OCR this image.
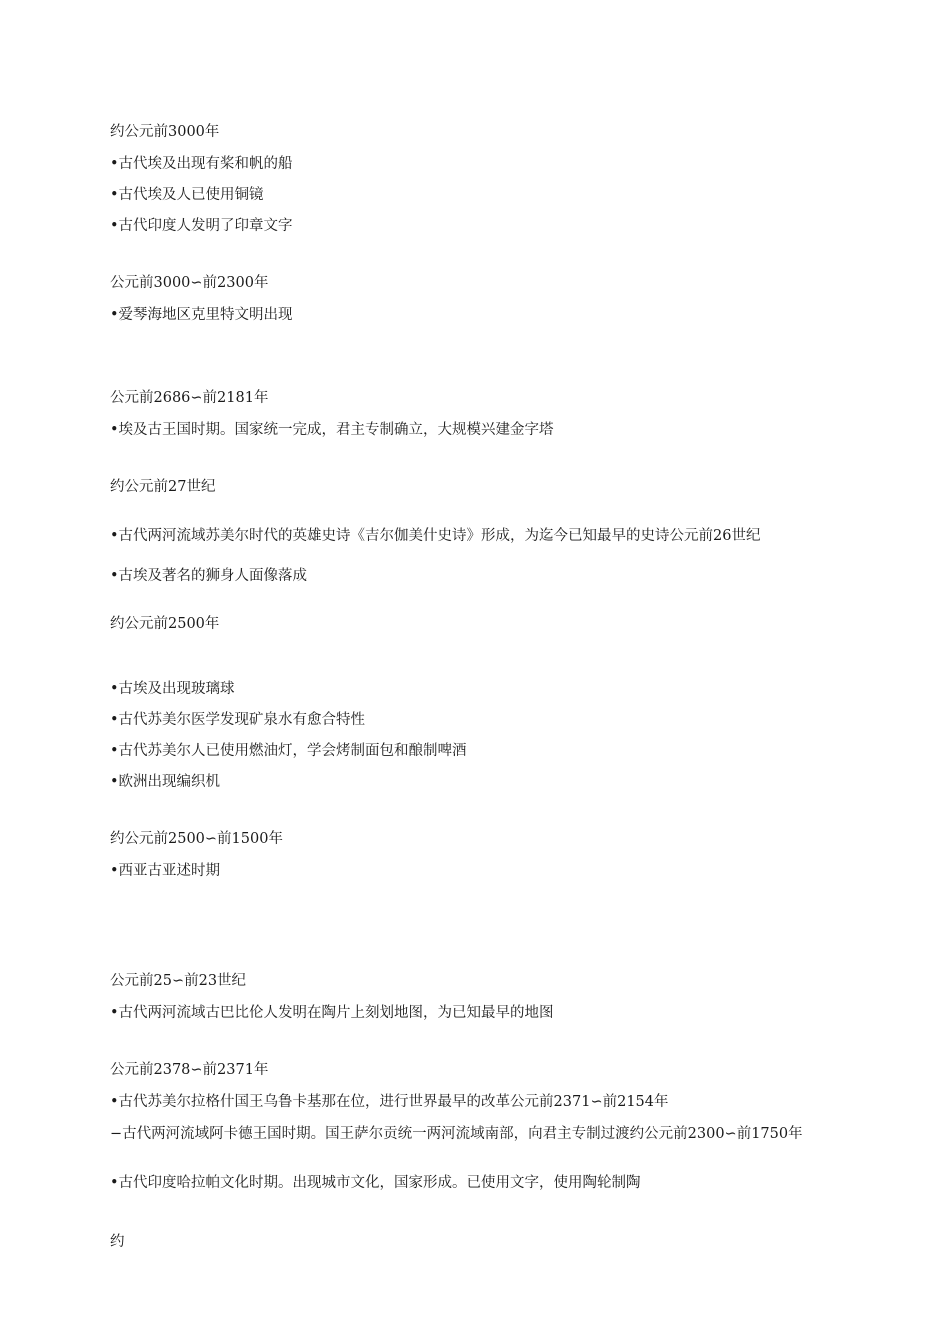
约公元前3000年
•古代埃及出现有桨和帆的船
•古代埃及人已使用铜镜
•古代印度人发明了印章文字
公元前3000∽前2300年
•爱琴海地区克里特文明出现
公元前2686∽前2181年
•埃及古王国时期。国家统一完成，君主专制确立，大规模兴建金字塔
约公元前27世纪
•古代两河流域苏美尔时代的英雄史诗《吉尔伽美什史诗》形成，为迄今已知最早的史诗公元前26世纪
•古埃及著名的狮身人面像落成
约公元前2500年
•古埃及出现玻璃球
•古代苏美尔医学发现矿泉水有愈合特性
•古代苏美尔人已使用燃油灯，学会烤制面包和酿制啤酒
•欧洲出现编织机
约公元前2500∽前1500年
•西亚古亚述时期
公元前25∽前23世纪
•古代两河流域古巴比伦人发明在陶片上刻划地图，为已知最早的地图
公元前2378∽前2371年
•古代苏美尔拉格什国王乌鲁卡基那在位，进行世界最早的改革公元前2371∽前2154年
−古代两河流域阿卡德王国时期。国王萨尔贡统一两河流域南部，向君主专制过渡约公元前2300∽前1750年
•古代印度哈拉帕文化时期。出现城市文化，国家形成。已使用文字，使用陶轮制陶
约
